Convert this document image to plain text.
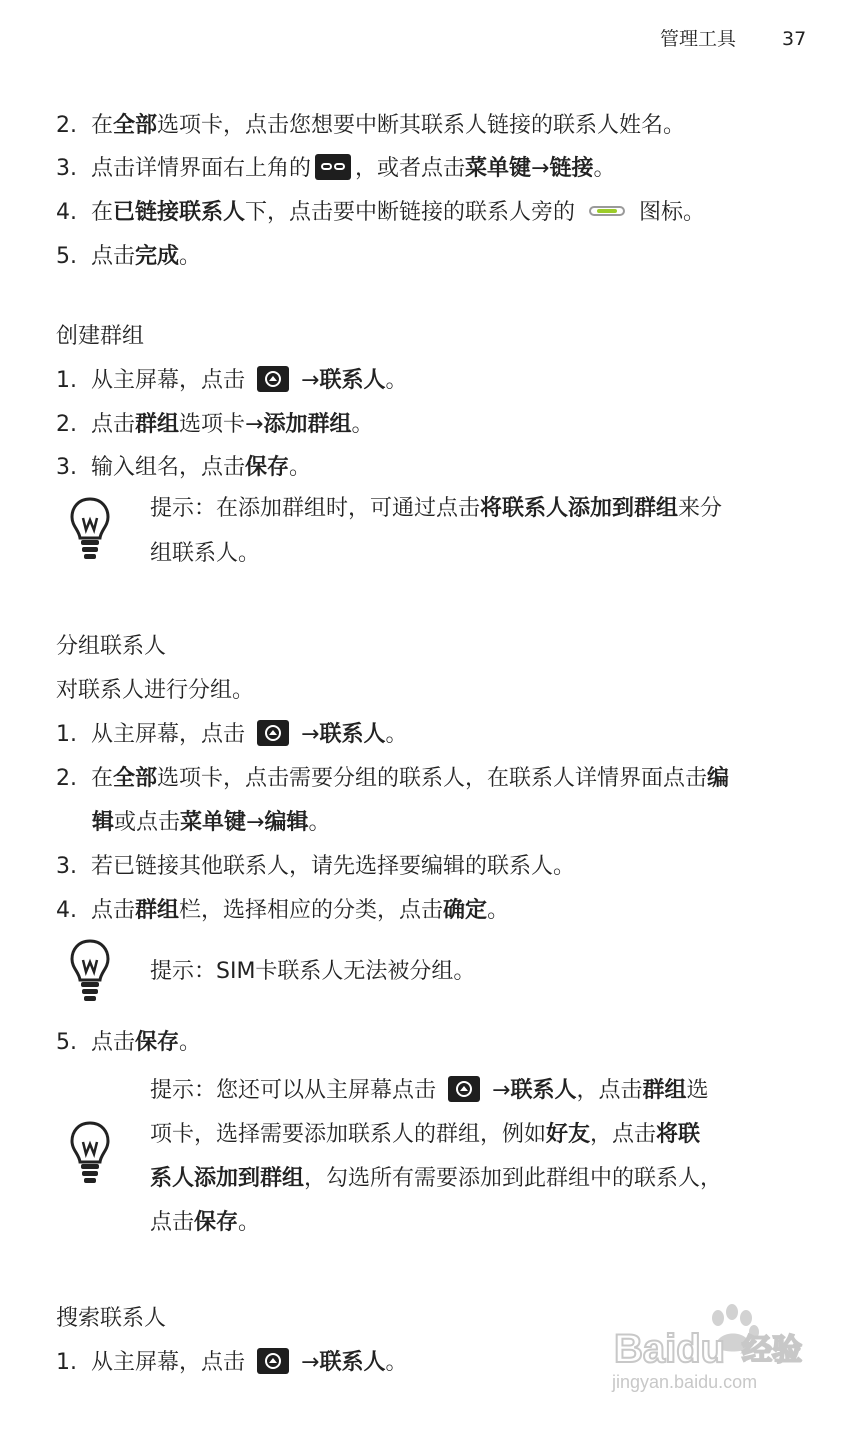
管理工具 37
2. 在全部选项卡，点击您想要中断其联系人链接的联系人姓名。
3. 点击详情界面右上角的 ，或者点击菜单键→链接。
4. 在已链接联系人下，点击要中断链接的联系人旁的	图标。
5. 点击完成。
创建群组
1. 从主屏幕，点击	→联系人。
2. 点击群组选项卡→添加群组。
3. 输入组名，点击保存。
提示：在添加群组时，可通过点击将联系人添加到群组来分
组联系人。
分组联系人
对联系人进行分组。
1. 从主屏幕，点击	→联系人。
2. 在全部选项卡，点击需要分组的联系人，在联系人详情界面点击编
辑或点击菜单键→编辑。
3. 若已链接其他联系人，请先选择要编辑的联系人。
4. 点击群组栏，选择相应的分类，点击确定。
提示：SIM卡联系人无法被分组。
5. 点击保存。
提示：您还可以从主屏幕点击	→联系人，点击群组选
项卡，选择需要添加联系人的群组，例如好友，点击将联
系人添加到群组，勾选所有需要添加到此群组中的联系人，
点击保存。
搜索联系人
1. 从主屏幕，点击	→联系人。	Baidu 经验
jingyan.baidu.com
